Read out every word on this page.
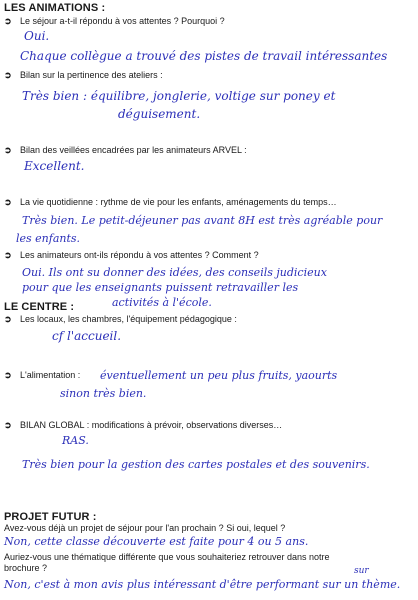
LES ANIMATIONS :
➲ Le séjour a-t-il répondu à vos attentes ? Pourquoi ?
Oui.
Chaque collègue a trouvé des pistes de travail intéressantes
➲ Bilan sur la pertinence des ateliers :
Très bien : équilibre, jonglerie, voltige sur poney et
déguisement.
➲ Bilan des veillées encadrées par les animateurs ARVEL :
Excellent.
➲ La vie quotidienne : rythme de vie pour les enfants, aménagements du temps…
Très bien. Le petit-déjeuner pas avant 8H est très agréable pour
les enfants.
➲ Les animateurs ont-ils répondu à vos attentes ? Comment ?
Oui. Ils ont su donner des idées, des conseils judicieux
pour que les enseignants puissent retravailler les
activités à l'école.
LE CENTRE :
➲ Les locaux, les chambres, l'équipement pédagogique :
cf l'accueil.
➲ L'alimentation : éventuellement un peu plus fruits, yaourts
sinon très bien.
➲ BILAN GLOBAL : modifications à prévoir, observations diverses…
RAS.
Très bien pour la gestion des cartes postales et des souvenirs.
PROJET FUTUR :
Avez-vous déjà un projet de séjour pour l'an prochain ? Si oui, lequel ?
Non, cette classe découverte est faite pour 4 ou 5 ans.
Auriez-vous une thématique différente que vous souhaiteriez retrouver dans notre
brochure ?
Non, c'est à mon avis plus intéressant d'être performant sur un thème.
sur
